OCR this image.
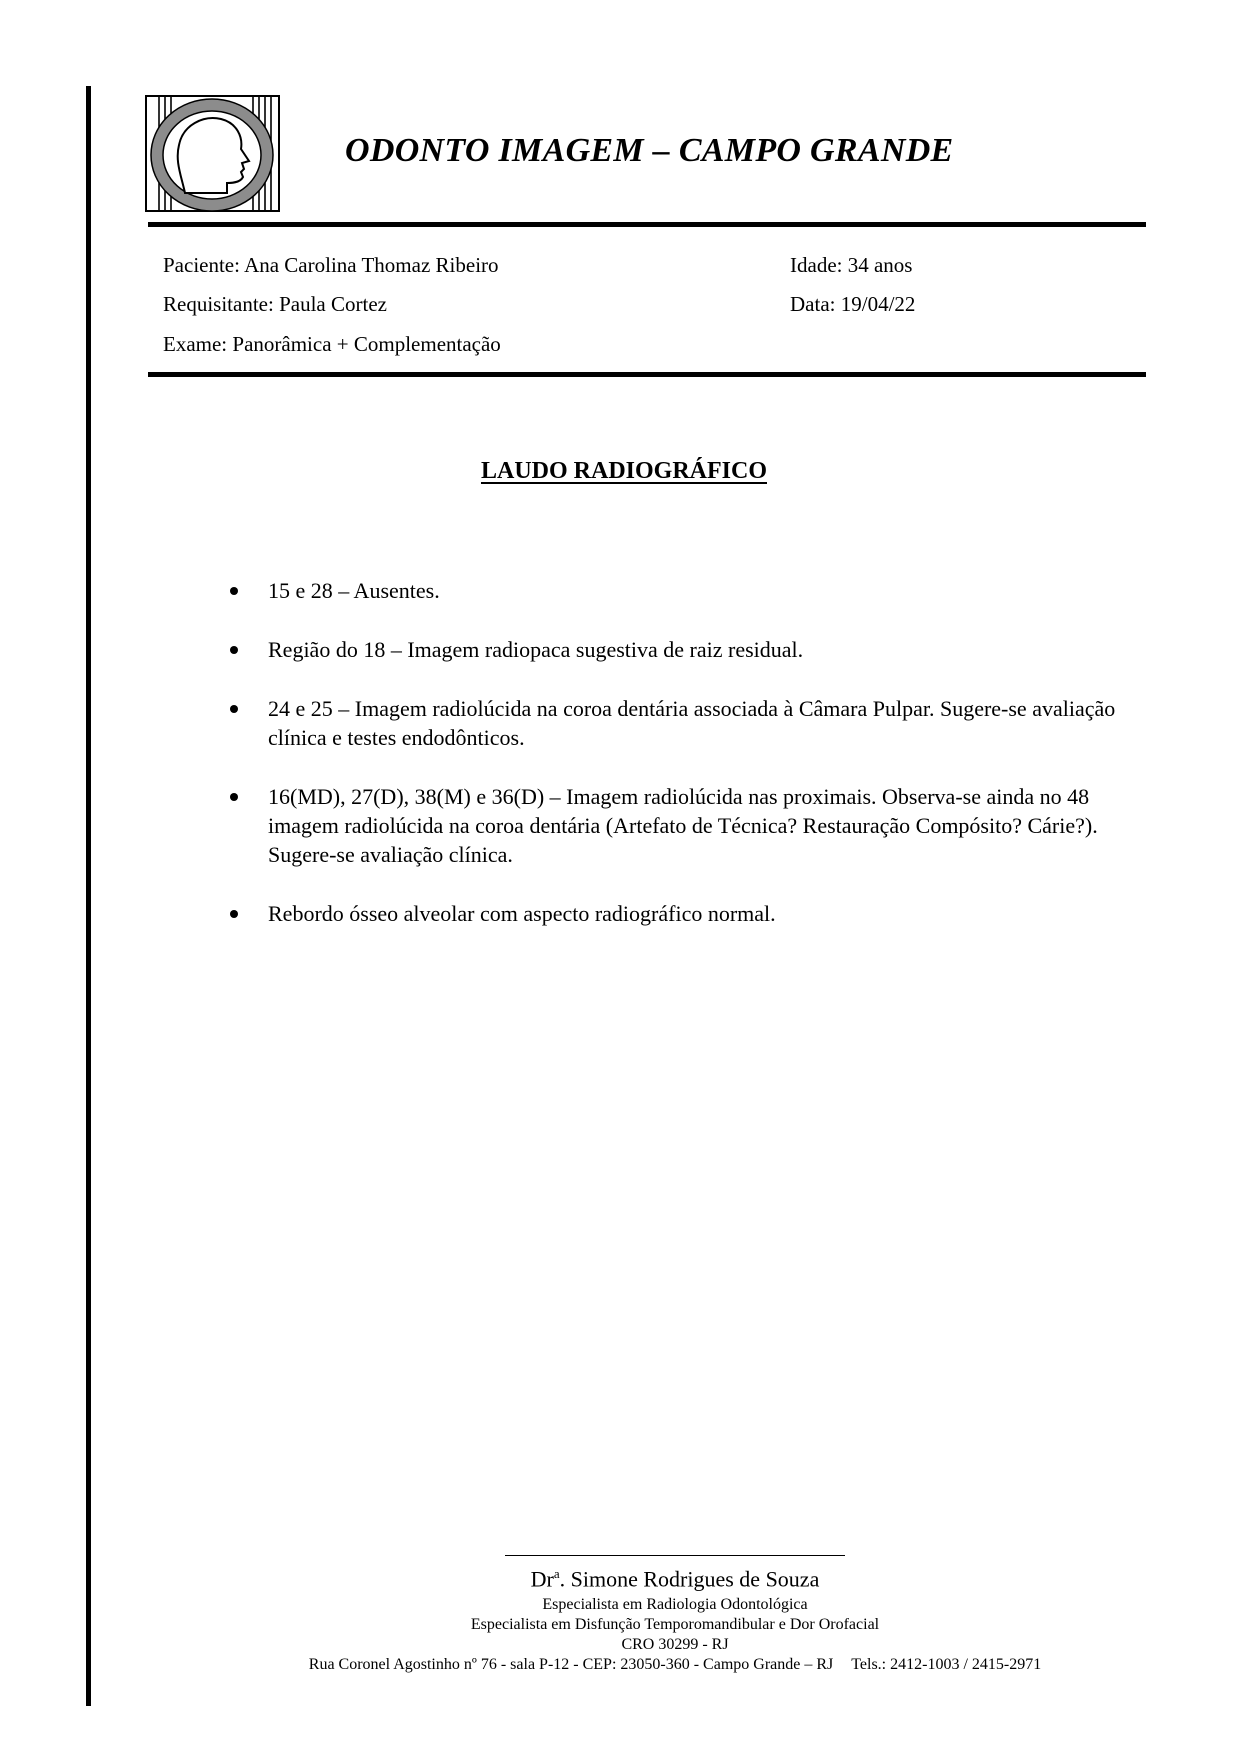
ODONTO IMAGEM – CAMPO GRANDE
Paciente: Ana Carolina Thomaz Ribeiro
Requisitante: Paula Cortez
Exame: Panorâmica + Complementação
Idade: 34 anos
Data: 19/04/22
LAUDO RADIOGRÁFICO
15 e 28 – Ausentes.
Região do 18 – Imagem radiopaca sugestiva de raiz residual.
24 e 25 – Imagem radiolúcida na coroa dentária associada à Câmara Pulpar. Sugere-se avaliação clínica e testes endodônticos.
16(MD), 27(D), 38(M) e 36(D) – Imagem radiolúcida nas proximais. Observa-se ainda no 48 imagem radiolúcida na coroa dentária (Artefato de Técnica? Restauração Compósito? Cárie?). Sugere-se avaliação clínica.
Rebordo ósseo alveolar com aspecto radiográfico normal.
Dr$^a$. Simone Rodrigues de Souza
Especialista em Radiologia Odontológica
Especialista em Disfunção Temporomandibular e Dor Orofacial
CRO 30299 - RJ
Rua Coronel Agostinho nº 76 - sala P-12 - CEP: 23050-360 - Campo Grande – RJ Tels.: 2412-1003 / 2415-2971
